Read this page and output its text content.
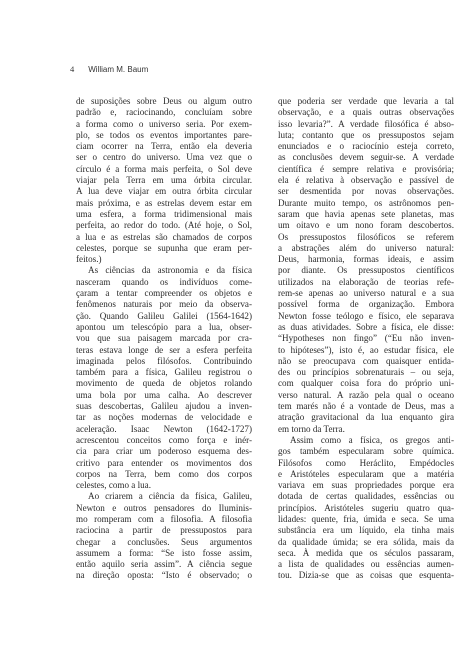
4 William M. Baum
de suposições sobre Deus ou algum outro
padrão e, raciocinando, concluíam sobre
a forma como o universo seria. Por exem-
plo, se todos os eventos importantes pare-
ciam ocorrer na Terra, então ela deveria
ser o centro do universo. Uma vez que o
círculo é a forma mais perfeita, o Sol deve
viajar pela Terra em uma órbita circular.
A lua deve viajar em outra órbita circular
mais próxima, e as estrelas devem estar em
uma esfera, a forma tridimensional mais
perfeita, ao redor do todo. (Até hoje, o Sol,
a lua e as estrelas são chamados de corpos
celestes, porque se supunha que eram per-
feitos.)
As ciências da astronomia e da física
nasceram quando os indivíduos come-
çaram a tentar compreender os objetos e
fenômenos naturais por meio da observa-
ção. Quando Galileu Galilei (1564-1642)
apontou um telescópio para a lua, obser-
vou que sua paisagem marcada por cra-
teras estava longe de ser a esfera perfeita
imaginada pelos filósofos. Contribuindo
também para a física, Galileu registrou o
movimento de queda de objetos rolando
uma bola por uma calha. Ao descrever
suas descobertas, Galileu ajudou a inven-
tar as noções modernas de velocidade e
aceleração. Isaac Newton (1642-1727)
acrescentou conceitos como força e inér-
cia para criar um poderoso esquema des-
critivo para entender os movimentos dos
corpos na Terra, bem como dos corpos
celestes, como a lua.
Ao criarem a ciência da física, Galileu,
Newton e outros pensadores do Iluminis-
mo romperam com a filosofia. A filosofia
raciocina a partir de pressupostos para
chegar a conclusões. Seus argumentos
assumem a forma: “Se isto fosse assim,
então aquilo seria assim”. A ciência segue
na direção oposta: “Isto é observado; o
que poderia ser verdade que levaria a tal
observação, e a quais outras observações
isso levaria?”. A verdade filosófica é abso-
luta; contanto que os pressupostos sejam
enunciados e o raciocínio esteja correto,
as conclusões devem seguir-se. A verdade
científica é sempre relativa e provisória;
ela é relativa à observação e passível de
ser desmentida por novas observações.
Durante muito tempo, os astrônomos pen-
saram que havia apenas sete planetas, mas
um oitavo e um nono foram descobertos.
Os pressupostos filosóficos se referem
a abstrações além do universo natural:
Deus, harmonia, formas ideais, e assim
por diante. Os pressupostos científicos
utilizados na elaboração de teorias refe-
rem-se apenas ao universo natural e a sua
possível forma de organização. Embora
Newton fosse teólogo e físico, ele separava
as duas atividades. Sobre a física, ele disse:
“Hypotheses non fingo” (“Eu não inven-
to hipóteses”), isto é, ao estudar física, ele
não se preocupava com quaisquer entida-
des ou princípios sobrenaturais – ou seja,
com qualquer coisa fora do próprio uni-
verso natural. A razão pela qual o oceano
tem marés não é a vontade de Deus, mas a
atração gravitacional da lua enquanto gira
em torno da Terra.
Assim como a física, os gregos anti-
gos também especularam sobre química.
Filósofos como Heráclito, Empédocles
e Aristóteles especularam que a matéria
variava em suas propriedades porque era
dotada de certas qualidades, essências ou
princípios. Aristóteles sugeriu quatro qua-
lidades: quente, fria, úmida e seca. Se uma
substância era um líquido, ela tinha mais
da qualidade úmida; se era sólida, mais da
seca. À medida que os séculos passaram,
a lista de qualidades ou essências aumen-
tou. Dizia-se que as coisas que esquenta-
